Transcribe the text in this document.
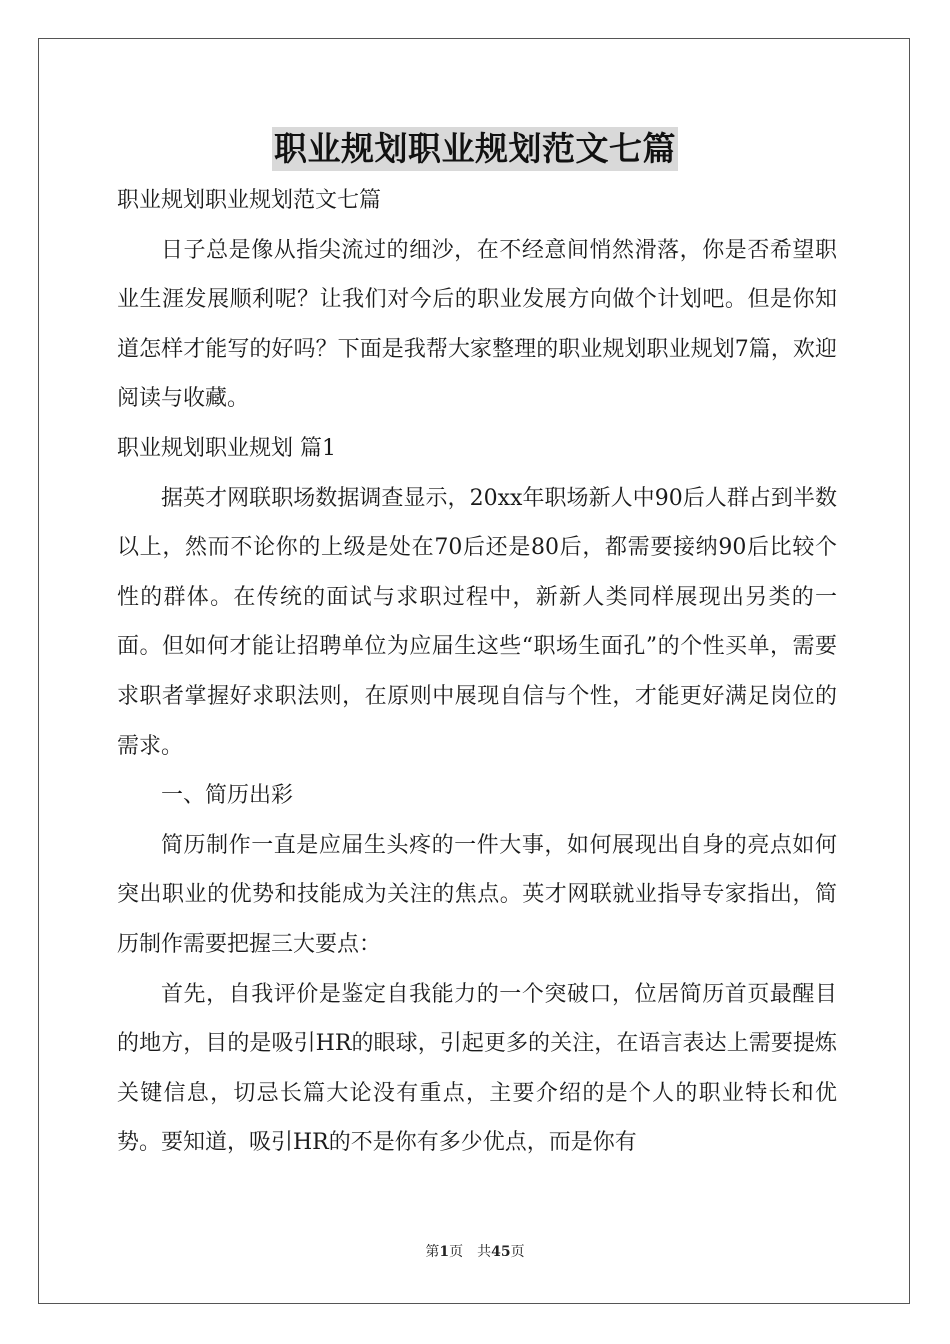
职业规划职业规划范文七篇

职业规划职业规划范文七篇

日子总是像从指尖流过的细沙，在不经意间悄然滑落，你是否希望职业生涯发展顺利呢？让我们对今后的职业发展方向做个计划吧。但是你知道怎样才能写的好吗？下面是我帮大家整理的职业规划职业规划7篇，欢迎阅读与收藏。

职业规划职业规划 篇1

据英才网联职场数据调查显示，20xx年职场新人中90后人群占到半数以上，然而不论你的上级是处在70后还是80后，都需要接纳90后比较个性的群体。在传统的面试与求职过程中，新新人类同样展现出另类的一面。但如何才能让招聘单位为应届生这些“职场生面孔”的个性买单，需要求职者掌握好求职法则，在原则中展现自信与个性，才能更好满足岗位的需求。

一、简历出彩

简历制作一直是应届生头疼的一件大事，如何展现出自身的亮点如何突出职业的优势和技能成为关注的焦点。英才网联就业指导专家指出，简历制作需要把握三大要点：

首先，自我评价是鉴定自我能力的一个突破口，位居简历首页最醒目的地方，目的是吸引HR的眼球，引起更多的关注，在语言表达上需要提炼关键信息，切忌长篇大论没有重点，主要介绍的是个人的职业特长和优势。要知道，吸引HR的不是你有多少优点，而是你有

第1页 共45页
